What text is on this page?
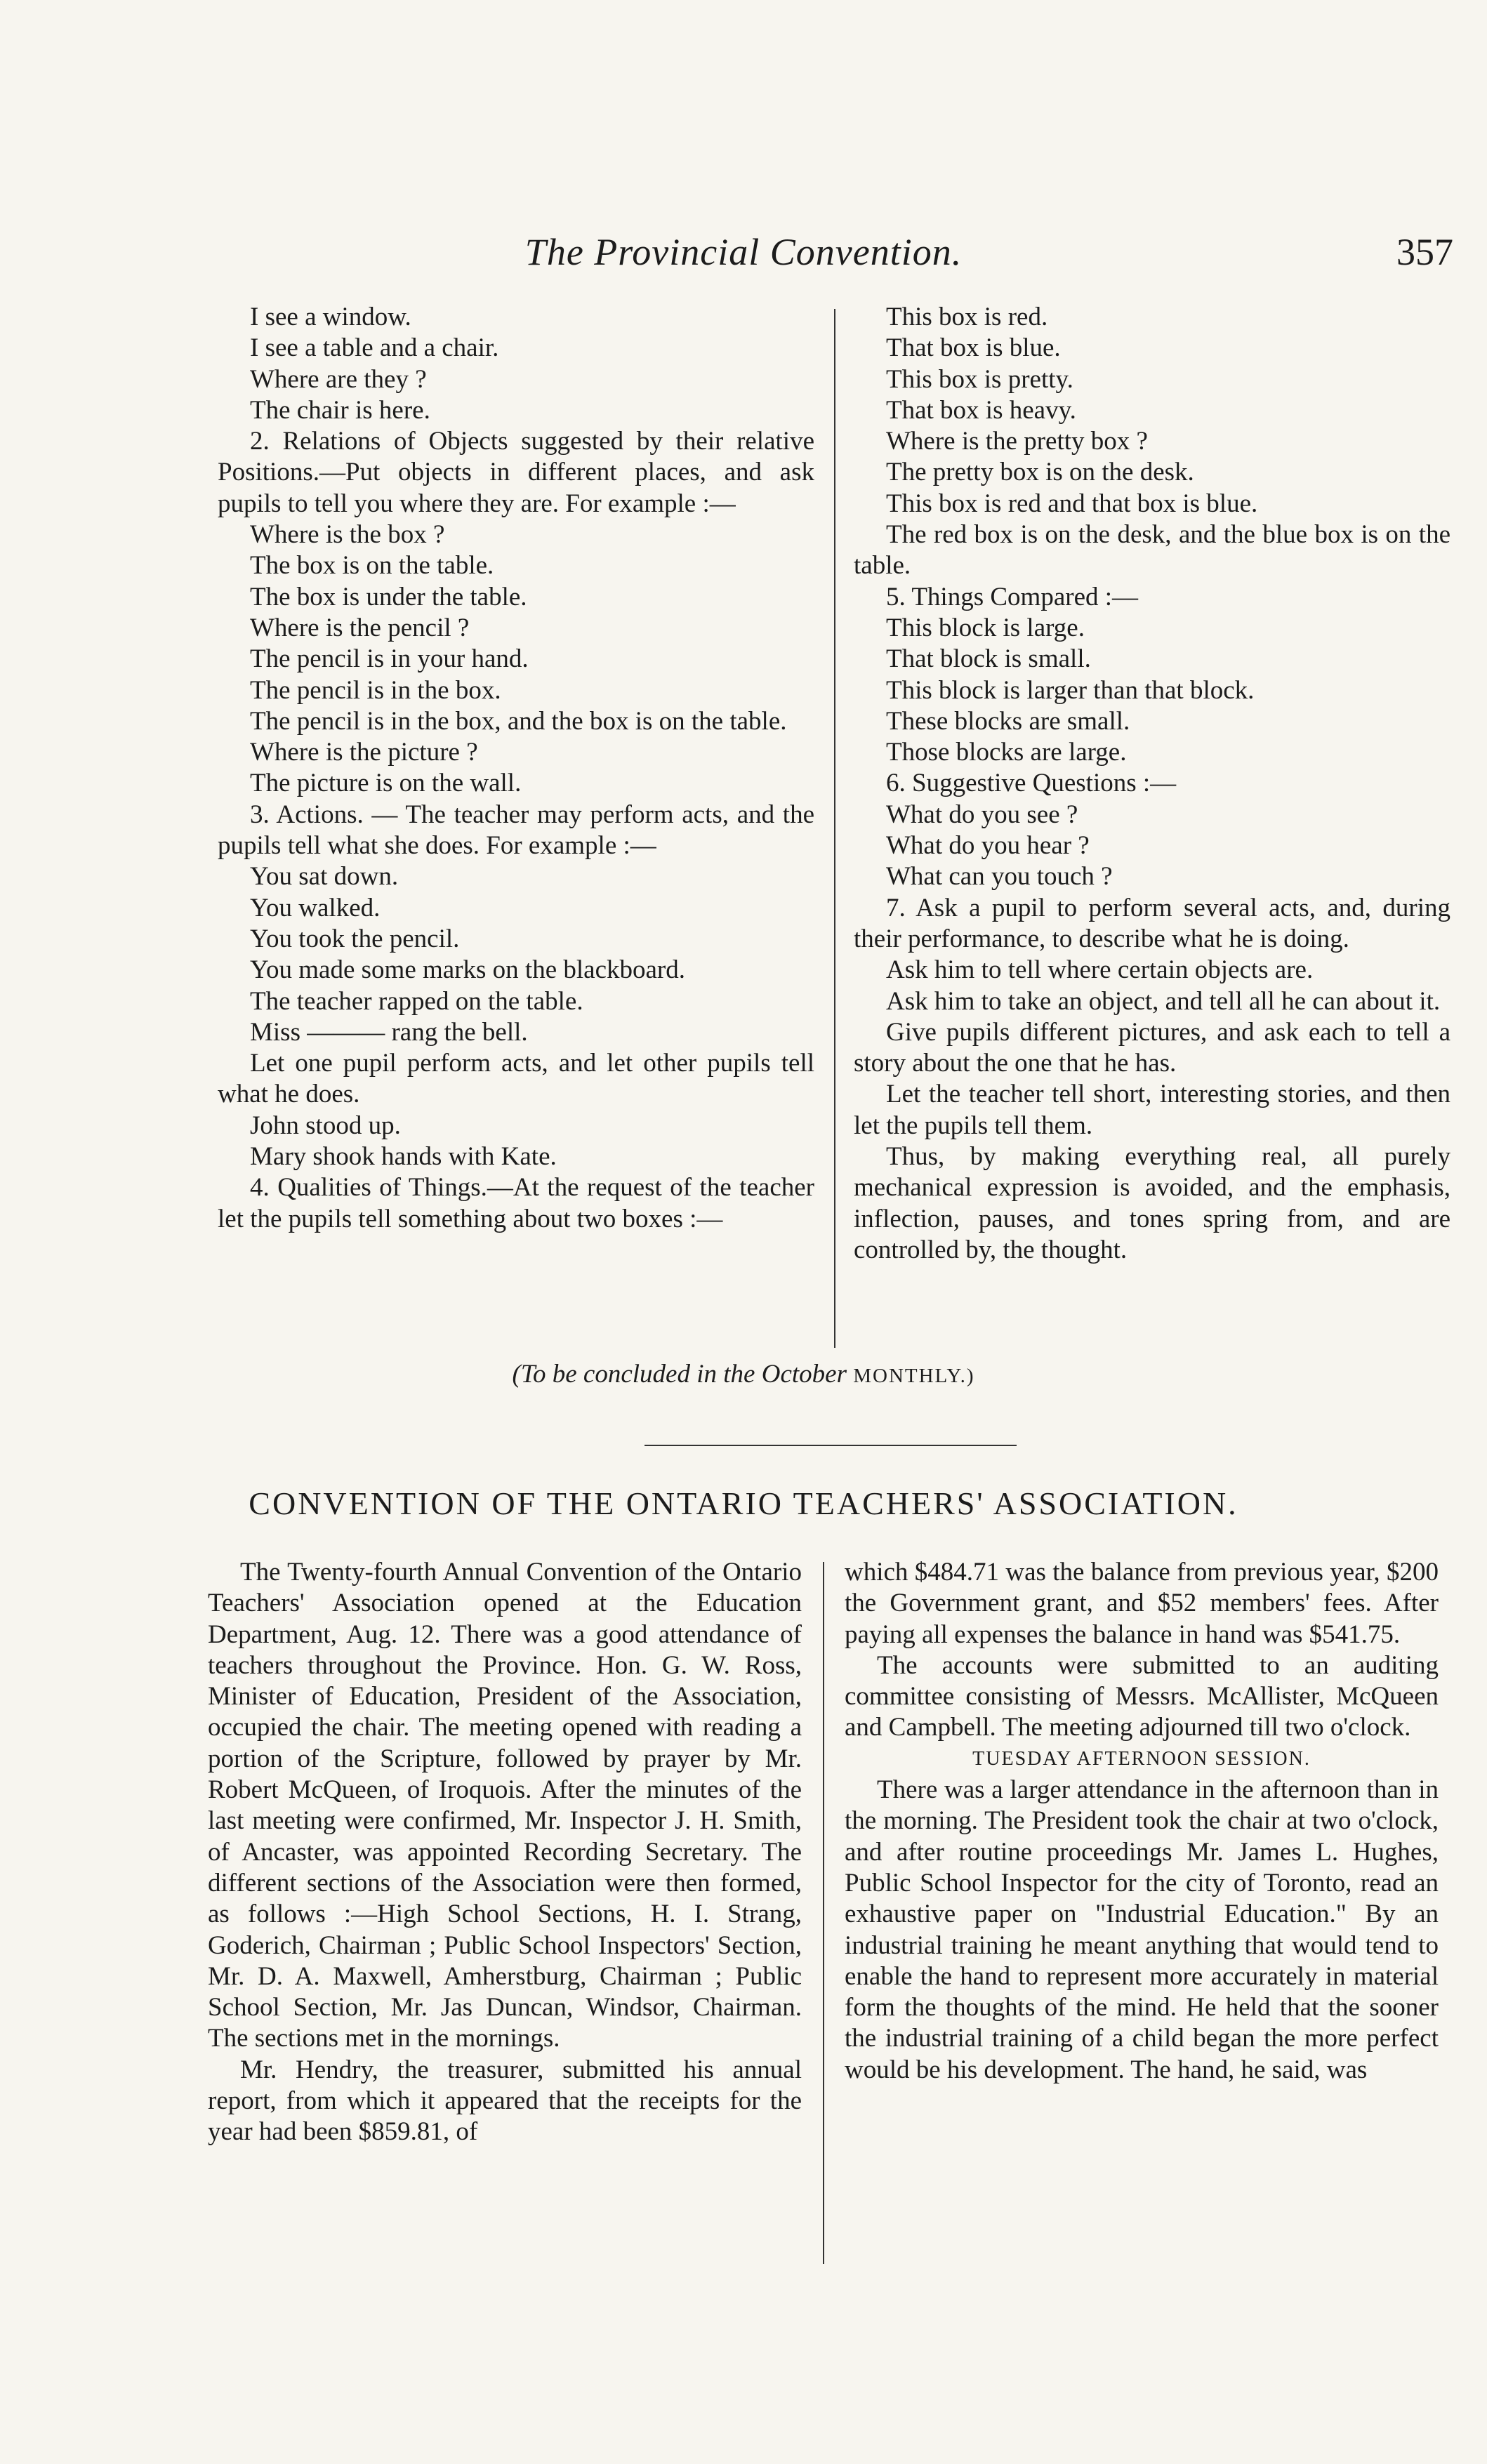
The Provincial Convention.	357

I see a window.

I see a table and a chair.

Where are they ?

The chair is here.

2. Relations of Objects suggested by their relative Positions.—Put objects in different places, and ask pupils to tell you where they are. For example :—

Where is the box ?

The box is on the table.

The box is under the table.

Where is the pencil ?

The pencil is in your hand.

The pencil is in the box.

The pencil is in the box, and the box is on the table.

Where is the picture ?

The picture is on the wall.

3. Actions. — The teacher may perform acts, and the pupils tell what she does. For example :—

You sat down.

You walked.

You took the pencil.

You made some marks on the blackboard.

The teacher rapped on the table.

Miss ——— rang the bell.

Let one pupil perform acts, and let other pupils tell what he does.

John stood up.

Mary shook hands with Kate.

4. Qualities of Things.—At the request of the teacher let the pupils tell something about two boxes :—

This box is red.

That box is blue.

This box is pretty.

That box is heavy.

Where is the pretty box ?

The pretty box is on the desk.

This box is red and that box is blue.

The red box is on the desk, and the blue box is on the table.

5. Things Compared :—

This block is large.

That block is small.

This block is larger than that block.

These blocks are small.

Those blocks are large.

6. Suggestive Questions :—

What do you see ?

What do you hear ?

What can you touch ?

7. Ask a pupil to perform several acts, and, during their performance, to describe what he is doing.

Ask him to tell where certain objects are.

Ask him to take an object, and tell all he can about it.

Give pupils different pictures, and ask each to tell a story about the one that he has.

Let the teacher tell short, interesting stories, and then let the pupils tell them.

Thus, by making everything real, all purely mechanical expression is avoided, and the emphasis, inflection, pauses, and tones spring from, and are controlled by, the thought.

(To be concluded in the October MONTHLY.)
CONVENTION OF THE ONTARIO TEACHERS' ASSOCIATION.

The Twenty-fourth Annual Convention of the Ontario Teachers' Association opened at the Education Department, Aug. 12. There was a good attendance of teachers throughout the Province. Hon. G. W. Ross, Minister of Education, President of the Association, occupied the chair. The meeting opened with reading a portion of the Scripture, followed by prayer by Mr. Robert McQueen, of Iroquois. After the minutes of the last meeting were confirmed, Mr. Inspector J. H. Smith, of Ancaster, was appointed Recording Secretary. The different sections of the Association were then formed, as follows :—High School Sections, H. I. Strang, Goderich, Chairman ; Public School Inspectors' Section, Mr. D. A. Maxwell, Amherstburg, Chairman ; Public School Section, Mr. Jas Duncan, Windsor, Chairman. The sections met in the mornings.

Mr. Hendry, the treasurer, submitted his annual report, from which it appeared that the receipts for the year had been $859.81, of

which $484.71 was the balance from previous year, $200 the Government grant, and $52 members' fees. After paying all expenses the balance in hand was $541.75.

The accounts were submitted to an auditing committee consisting of Messrs. McAllister, McQueen and Campbell. The meeting adjourned till two o'clock.

TUESDAY AFTERNOON SESSION.

There was a larger attendance in the afternoon than in the morning. The President took the chair at two o'clock, and after routine proceedings Mr. James L. Hughes, Public School Inspector for the city of Toronto, read an exhaustive paper on "Industrial Education." By an industrial training he meant anything that would tend to enable the hand to represent more accurately in material form the thoughts of the mind. He held that the sooner the industrial training of a child began the more perfect would be his development. The hand, he said, was
